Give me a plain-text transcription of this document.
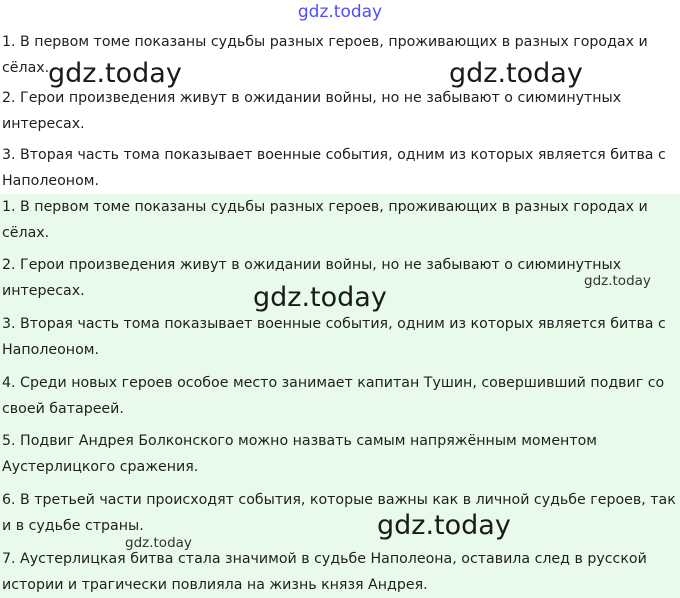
gdz.today
1. В первом томе показаны судьбы разных героев, проживающих в разных городах и
сёлах.
2. Герои произведения живут в ожидании войны, но не забывают о сиюминутных
интересах.
3. Вторая часть тома показывает военные события, одним из которых является битва с
Наполеоном.
1. В первом томе показаны судьбы разных героев, проживающих в разных городах и
сёлах.
2. Герои произведения живут в ожидании войны, но не забывают о сиюминутных
интересах.
3. Вторая часть тома показывает военные события, одним из которых является битва с
Наполеоном.
4. Среди новых героев особое место занимает капитан Тушин, совершивший подвиг со
своей батареей.
5. Подвиг Андрея Болконского можно назвать самым напряжённым моментом
Аустерлицкого сражения.
6. В третьей части происходят события, которые важны как в личной судьбе героев, так
и в судьбе страны.
7. Аустерлицкая битва стала значимой в судьбе Наполеона, оставила след в русской
истории и трагически повлияла на жизнь князя Андрея.
gdz.today	gdz.today
gdz.today
gdz.today
gdz.today
gdz.today
